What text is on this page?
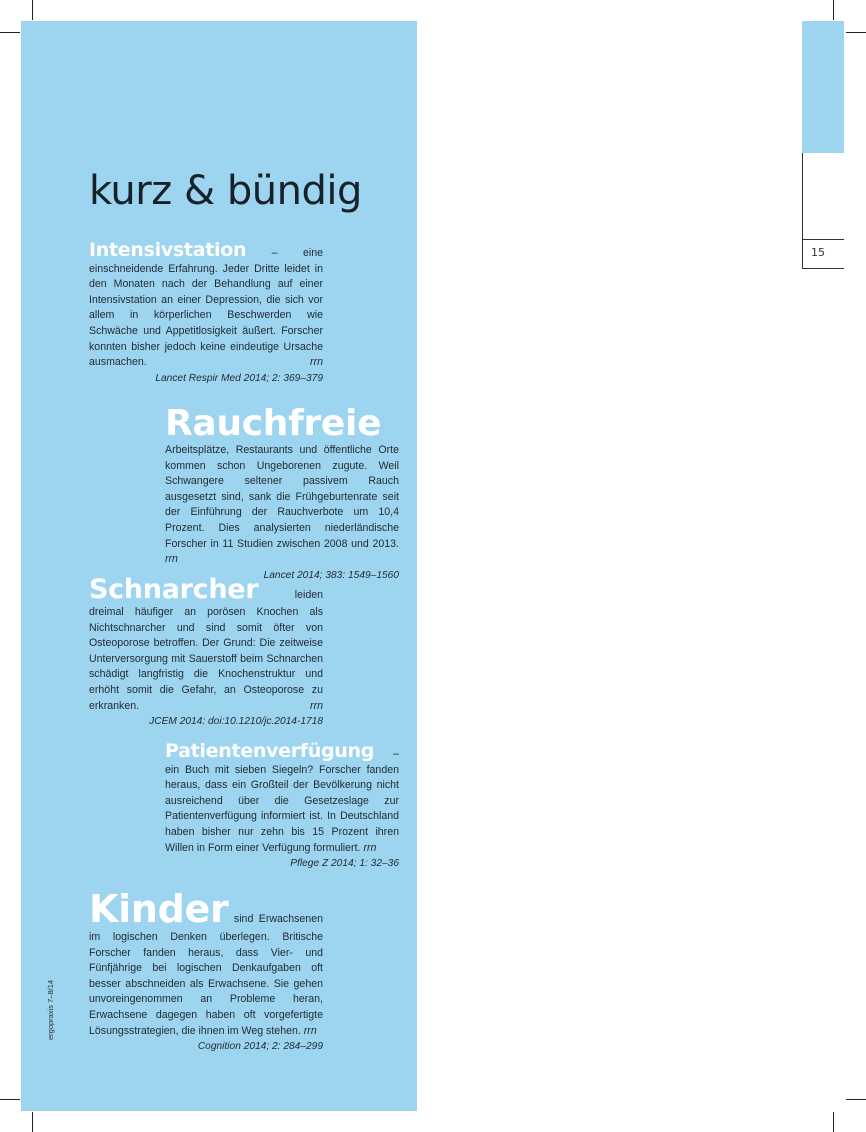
15
kurz & bündig
Intensivstation – eine einschneidende Erfahrung. Jeder Dritte leidet in den Monaten nach der Behandlung auf einer Intensivstation an einer Depression, die sich vor allem in körperlichen Beschwerden wie Schwäche und Appetitlosigkeit äußert. Forscher konnten bisher jedoch keine eindeutige Ursache ausmachen.	rrn
Lancet Respir Med 2014; 2: 369–379
Rauchfreie Arbeitsplätze, Restaurants und öffentliche Orte kommen schon Ungeborenen zugute. Weil Schwangere seltener passivem Rauch ausgesetzt sind, sank die Frühgeburtenrate seit der Einführung der Rauchverbote um 10,4 Prozent. Dies analysierten niederländische Forscher in 11 Studien zwischen 2008 und 2013. rrn
Lancet 2014; 383: 1549–1560
Schnarcher	leiden dreimal häufiger an porösen Knochen als Nichtschnarcher und sind somit öfter von Osteoporose betroffen. Der Grund: Die zeitweise Unterversorgung mit Sauerstoff beim Schnarchen schädigt langfristig die Knochenstruktur und erhöht somit die Gefahr, an Osteoporose zu erkranken.	rrn
JCEM 2014: doi:10.1210/jc.2014-1718
Patientenverfügung – ein Buch mit sieben Siegeln? Forscher fanden heraus, dass ein Großteil der Bevölkerung nicht ausreichend über die Gesetzeslage zur Patientenverfügung informiert ist. In Deutschland haben bisher nur zehn bis 15 Prozent ihren Willen in Form einer Verfügung formuliert. rrn
Pflege Z 2014; 1: 32–36
Kinder sind Erwachsenen im logischen Denken überlegen. Britische Forscher fanden heraus, dass Vier- und Fünfjährige bei logischen Denkaufgaben oft besser abschneiden als Erwachsene. Sie gehen unvoreingenommen an Probleme heran, Erwachsene dagegen haben oft vorgefertigte Lösungsstrategien, die ihnen im Weg stehen. rrn
Cognition 2014; 2: 284–299
ergopraxis 7–8/14
